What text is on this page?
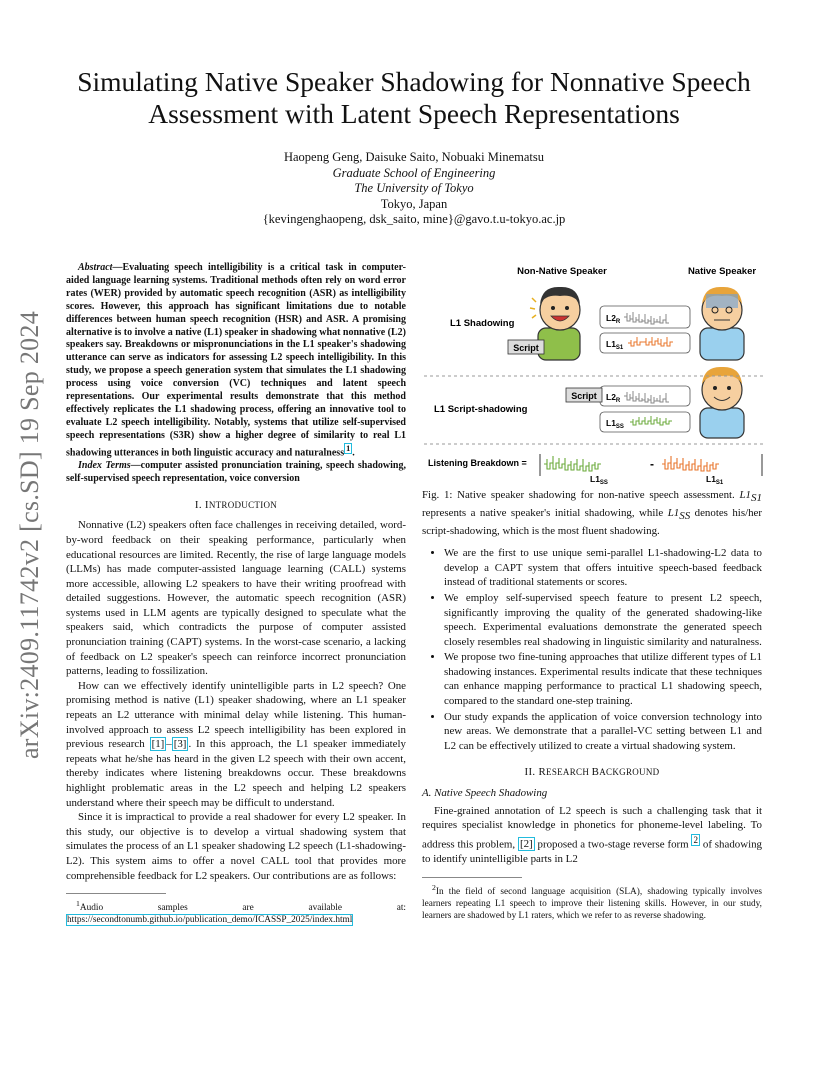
arXiv:2409.11742v2 [cs.SD] 19 Sep 2024
Simulating Native Speaker Shadowing for Nonnative Speech Assessment with Latent Speech Representations
Haopeng Geng, Daisuke Saito, Nobuaki Minematsu
Graduate School of Engineering
The University of Tokyo
Tokyo, Japan
{kevingenghaopeng, dsk_saito, mine}@gavo.t.u-tokyo.ac.jp

Abstract—Evaluating speech intelligibility is a critical task in computer-aided language learning systems. Traditional methods often rely on word error rates (WER) provided by automatic speech recognition (ASR) as intelligibility scores. However, this approach has significant limitations due to notable differences between human speech recognition (HSR) and ASR. A promising alternative is to involve a native (L1) speaker in shadowing what nonnative (L2) speakers say. Breakdowns or mispronunciations in the L1 speaker's shadowing utterance can serve as indicators for assessing L2 speech intelligibility. In this study, we propose a speech generation system that simulates the L1 shadowing process using voice conversion (VC) techniques and latent speech representations. Our experimental results demonstrate that this method effectively replicates the L1 shadowing process, offering an innovative tool to evaluate L2 speech intelligibility. Notably, systems that utilize self-supervised speech representations (S3R) show a higher degree of similarity to real L1 shadowing utterances in both linguistic accuracy and naturalness $^1$ .

Index Terms—computer assisted pronunciation training, speech shadowing, self-supervised speech representation, voice conversion

I. INTRODUCTION

Nonnative (L2) speakers often face challenges in receiving detailed, word-by-word feedback on their speaking performance, particularly when educational resources are limited. Recently, the rise of large language models (LLMs) has made computer-assisted language learning (CALL) systems more accessible, allowing L2 speakers to have their writing proofread with detailed suggestions. However, the automatic speech recognition (ASR) systems used in LLM agents are typically designed to speculate what the speakers said, which contradicts the purpose of computer assisted pronunciation training (CAPT) systems. In the worst-case scenario, a lacking of feedback on L2 speaker's speech can reinforce incorrect pronunciation patterns, leading to fossilization.

How can we effectively identify unintelligible parts in L2 speech? One promising method is native (L1) speaker shadowing, where an L1 speaker repeats an L2 utterance with minimal delay while listening. This human-involved approach to assess L2 speech intelligibility has been explored in previous research [1] – [3] . In this approach, the L1 speaker immediately repeats what he/she has heard in the given L2 speech with their own accent, thereby indicates where listening breakdowns occur. These breakdowns highlight problematic areas in the L2 speech and helping L2 speakers understand where their speech may be difficult to understand.

Since it is impractical to provide a real shadower for every L2 speaker. In this study, our objective is to develop a virtual shadowing system that simulates the process of an L1 speaker shadowing L2 speech (L1-shadowing-L2). This system aims to offer a novel CALL tool that provides more comprehensible feedback for L2 speakers. Our contributions are as follows:

$^1$Audio samples are available at: https://secondtonumb.github.io/publication_demo/ICASSP_2025/index.html
Non-Native Speaker	Native Speaker
L1 Shadowing
Script
$L2_R$
$L1_{S1}$
L1 Script-shadowing
Script $L2_R$
$L1_{SS}$
Listening Breakdown =
$L1_{SS}$
-
$L1_{S1}$

Fig. 1: Native speaker shadowing for non-native speech assessment. $L1_{S1}$ represents a native speaker's initial shadowing, while $L1_{SS}$ denotes his/her script-shadowing, which is the most fluent shadowing.

• We are the first to use unique semi-parallel L1-shadowing-L2 data to develop a CAPT system that offers intuitive speech-based feedback instead of traditional statements or scores.
• We employ self-supervised speech feature to present L2 speech, significantly improving the quality of the generated shadowing-like speech. Experimental evaluations demonstrate the generated speech closely resembles real shadowing in linguistic similarity and naturalness.
• We propose two fine-tuning approaches that utilize different types of L1 shadowing instances. Experimental results indicate that these techniques can enhance mapping performance to practical L1 shadowing speech, compared to the standard one-step training.
• Our study expands the application of voice conversion technology into new areas. We demonstrate that a parallel-VC setting between L1 and L2 can be effectively utilized to create a virtual shadowing system.
II. RESEARCH BACKGROUND
A. Native Speech Shadowing

Fine-grained annotation of L2 speech is such a challenging task that it requires specialist knowledge in phonetics for phoneme-level labeling. To address this problem, [2] proposed a two-stage reverse form $^2$ of shadowing to identify unintelligible parts in L2

$^2$In the field of second language acquisition (SLA), shadowing typically involves learners repeating L1 speech to improve their listening skills. However, in our study, learners are shadowed by L1 raters, which we refer to as reverse shadowing.
